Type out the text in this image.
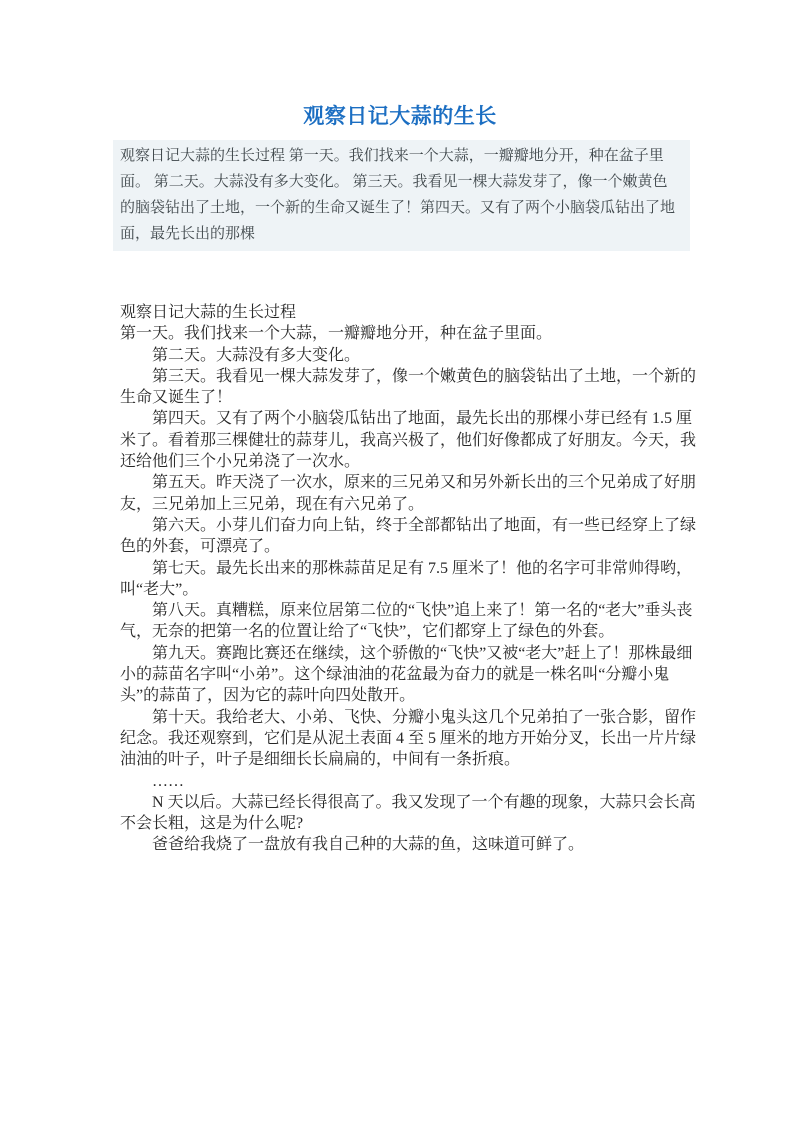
观察日记大蒜的生长
观察日记大蒜的生长过程 第一天。我们找来一个大蒜，一瓣瓣地分开，种在盆子里面。 第二天。大蒜没有多大变化。 第三天。我看见一棵大蒜发芽了，像一个嫩黄色的脑袋钻出了土地，一个新的生命又诞生了！第四天。又有了两个小脑袋瓜钻出了地面，最先长出的那棵

观察日记大蒜的生长过程

第一天。我们找来一个大蒜，一瓣瓣地分开，种在盆子里面。

第二天。大蒜没有多大变化。

第三天。我看见一棵大蒜发芽了，像一个嫩黄色的脑袋钻出了土地，一个新的生命又诞生了！

第四天。又有了两个小脑袋瓜钻出了地面，最先长出的那棵小芽已经有 1.5 厘米了。看着那三棵健壮的蒜芽儿，我高兴极了，他们好像都成了好朋友。今天，我还给他们三个小兄弟浇了一次水。

第五天。昨天浇了一次水，原来的三兄弟又和另外新长出的三个兄弟成了好朋友，三兄弟加上三兄弟，现在有六兄弟了。

第六天。小芽儿们奋力向上钻，终于全部都钻出了地面，有一些已经穿上了绿色的外套，可漂亮了。

第七天。最先长出来的那株蒜苗足足有 7.5 厘米了！他的名字可非常帅得哟，叫“老大”。

第八天。真糟糕，原来位居第二位的“飞快”追上来了！第一名的“老大”垂头丧气，无奈的把第一名的位置让给了“飞快”，它们都穿上了绿色的外套。

第九天。赛跑比赛还在继续，这个骄傲的“飞快”又被“老大”赶上了！那株最细小的蒜苗名字叫“小弟”。这个绿油油的花盆最为奋力的就是一株名叫“分瓣小鬼头”的蒜苗了，因为它的蒜叶向四处散开。

第十天。我给老大、小弟、飞快、分瓣小鬼头这几个兄弟拍了一张合影，留作纪念。我还观察到，它们是从泥土表面 4 至 5 厘米的地方开始分叉，长出一片片绿油油的叶子，叶子是细细长长扁扁的，中间有一条折痕。

……

N 天以后。大蒜已经长得很高了。我又发现了一个有趣的现象，大蒜只会长高不会长粗，这是为什么呢?

爸爸给我烧了一盘放有我自己种的大蒜的鱼，这味道可鲜了。
